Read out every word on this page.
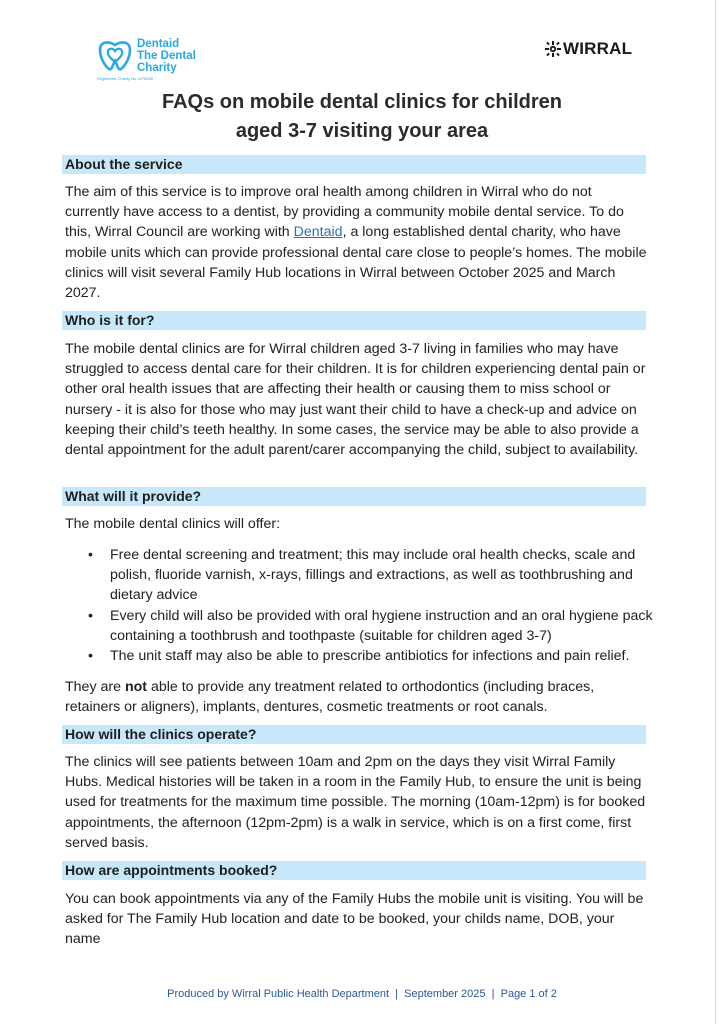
Dentaid
The Dental
Charity
Registered Charity No 1078526
WIRRAL
FAQs on mobile dental clinics for children
aged 3-7 visiting your area
About the service
The aim of this service is to improve oral health among children in Wirral who do not currently have access to a dentist, by providing a community mobile dental service. To do this, Wirral Council are working with Dentaid, a long established dental charity, who have mobile units which can provide professional dental care close to people’s homes. The mobile clinics will visit several Family Hub locations in Wirral between October 2025 and March 2027.
Who is it for?
The mobile dental clinics are for Wirral children aged 3-7 living in families who may have struggled to access dental care for their children. It is for children experiencing dental pain or other oral health issues that are affecting their health or causing them to miss school or nursery - it is also for those who may just want their child to have a check-up and advice on keeping their child’s teeth healthy. In some cases, the service may be able to also provide a dental appointment for the adult parent/carer accompanying the child, subject to availability.
What will it provide?
The mobile dental clinics will offer:
• Free dental screening and treatment; this may include oral health checks, scale and polish, fluoride varnish, x-rays, fillings and extractions, as well as toothbrushing and dietary advice
• Every child will also be provided with oral hygiene instruction and an oral hygiene pack containing a toothbrush and toothpaste (suitable for children aged 3-7)
• The unit staff may also be able to prescribe antibiotics for infections and pain relief.
They are not able to provide any treatment related to orthodontics (including braces, retainers or aligners), implants, dentures, cosmetic treatments or root canals.
How will the clinics operate?
The clinics will see patients between 10am and 2pm on the days they visit Wirral Family Hubs. Medical histories will be taken in a room in the Family Hub, to ensure the unit is being used for treatments for the maximum time possible. The morning (10am-12pm) is for booked appointments, the afternoon (12pm-2pm) is a walk in service, which is on a first come, first served basis.
How are appointments booked?
You can book appointments via any of the Family Hubs the mobile unit is visiting. You will be asked for The Family Hub location and date to be booked, your childs name, DOB, your name
Produced by Wirral Public Health Department | September 2025 | Page 1 of 2
